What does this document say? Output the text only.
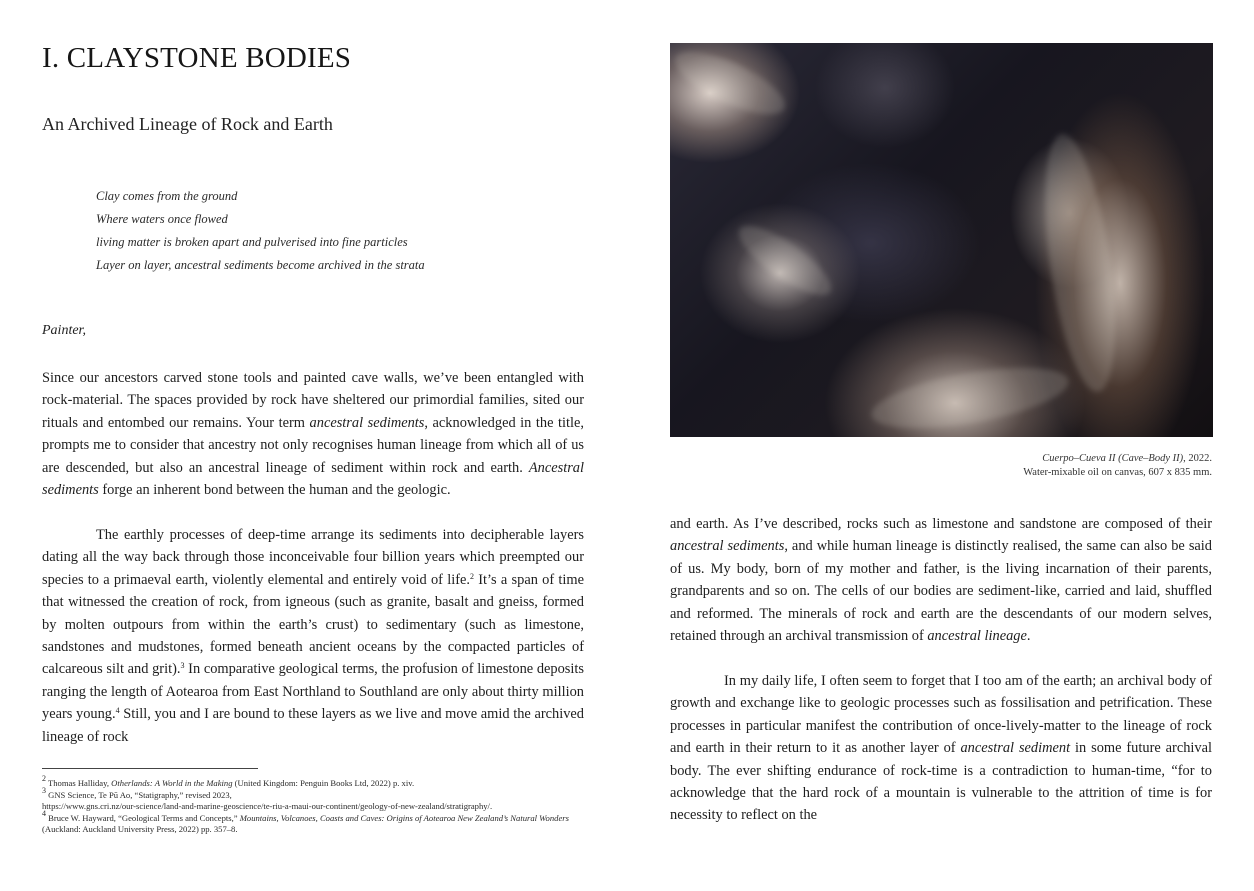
I. CLAYSTONE BODIES
An Archived Lineage of Rock and Earth
Clay comes from the ground
Where waters once flowed
living matter is broken apart and pulverised into fine particles
Layer on layer, ancestral sediments become archived in the strata

Painter,

Since our ancestors carved stone tools and painted cave walls, we’ve been entangled with rock-material. The spaces provided by rock have sheltered our primordial families, sited our rituals and entombed our remains. Your term ancestral sediments, acknowledged in the title, prompts me to consider that ancestry not only recognises human lineage from which all of us are descended, but also an ancestral lineage of sediment within rock and earth. Ancestral sediments forge an inherent bond between the human and the geologic.

The earthly processes of deep-time arrange its sediments into decipherable layers dating all the way back through those inconceivable four billion years which preempted our species to a primaeval earth, violently elemental and entirely void of life.$^2$ It’s a span of time that witnessed the creation of rock, from igneous (such as granite, basalt and gneiss, formed by molten outpours from within the earth’s crust) to sedimentary (such as limestone, sandstones and mudstones, formed beneath ancient oceans by the compacted particles of calcareous silt and grit).$^3$ In comparative geological terms, the profusion of limestone deposits ranging the length of Aotearoa from East Northland to Southland are only about thirty million years young.$^4$ Still, you and I are bound to these layers as we live and move amid the archived lineage of rock

$^2$ Thomas Halliday, Otherlands: A World in the Making (United Kingdom: Penguin Books Ltd, 2022) p. xiv.
$^3$ GNS Science, Te Pū Ao, “Statigraphy,” revised 2023,
https://www.gns.cri.nz/our-science/land-and-marine-geoscience/te-riu-a-maui-our-continent/geology-of-new-zealand/stratigraphy/.
$^4$ Bruce W. Hayward, “Geological Terms and Concepts,” Mountains, Volcanoes, Coasts and Caves: Origins of Aotearoa New Zealand’s Natural Wonders (Auckland: Auckland University Press, 2022) pp. 357–8.
Cuerpo–Cueva II (Cave–Body II), 2022.
Water-mixable oil on canvas, 607 x 835 mm.

and earth. As I’ve described, rocks such as limestone and sandstone are composed of their ancestral sediments, and while human lineage is distinctly realised, the same can also be said of us. My body, born of my mother and father, is the living incarnation of their parents, grandparents and so on. The cells of our bodies are sediment-like, carried and laid, shuffled and reformed. The minerals of rock and earth are the descendants of our modern selves, retained through an archival transmission of ancestral lineage.

In my daily life, I often seem to forget that I too am of the earth; an archival body of growth and exchange like to geologic processes such as fossilisation and petrification. These processes in particular manifest the contribution of once-lively-matter to the lineage of rock and earth in their return to it as another layer of ancestral sediment in some future archival body. The ever shifting endurance of rock-time is a contradiction to human-time, “for to acknowledge that the hard rock of a mountain is vulnerable to the attrition of time is for necessity to reflect on the
